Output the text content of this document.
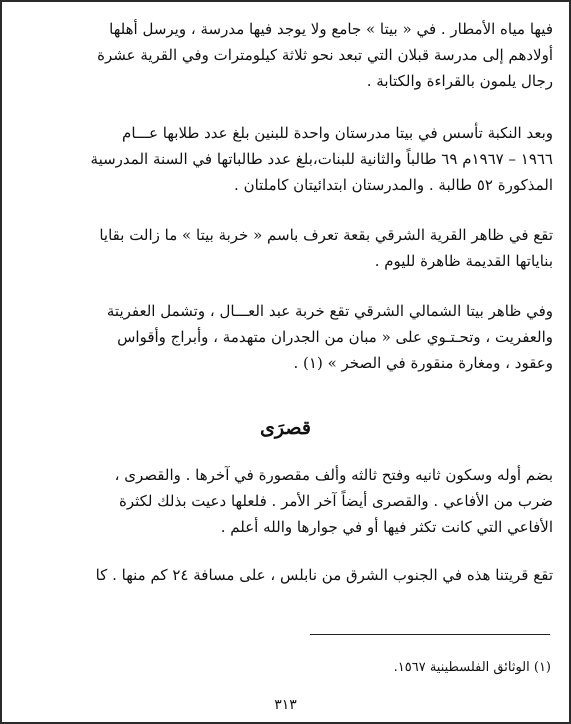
فيها مياه الأمطار . في « بيتا » جامع ولا يوجد فيها مدرسة ، ويرسل أهلها
أولادهم إلى مدرسة قبلان التي تبعد نحو ثلاثة كيلومترات وفي القرية عشرة
رجال يلمون بالقراءة والكتابة .
وبعد النكبة تأسس في بيتا مدرستان واحدة للبنين بلغ عدد طلابها عـــام
١٩٦٦ – ١٩٦٧م ٦٩ طالباً والثانية للبنات،بلغ عدد طالباتها في السنة المدرسية
المذكورة ٥٢ طالبة . والمدرستان ابتدائيتان كاملتان .
تقع في ظاهر القرية الشرقي بقعة تعرف باسم « خربة بيتا » ما زالت بقايا
بناياتها القديمة ظاهرة لليوم .
وفي ظاهر بيتا الشمالي الشرقي تقع خربة عبد العـــال ، وتشمل العفريتة
والعفريت ، وتحـتـوي على « مبان من الجدران متهدمة ، وأبراج وأقواس
وعقود ، ومغارة منقورة في الصخر » (١) .
قصرَى
بضم أوله وسكون ثانيه وفتح ثالثه وألف مقصورة في آخرها . والقصرى ،
ضرب من الأفاعي . والقصرى أيضاً آخر الأمر . فلعلها دعيت بذلك لكثرة
الأفاعي التي كانت تكثر فيها أو في جوارها والله أعلم .
تقع قريتنا هذه في الجنوب الشرق من نابلس ، على مسافة ٢٤ كم منها . كا
(١) الوثائق الفلسطينية ١٥٦٧.
٣١٣
